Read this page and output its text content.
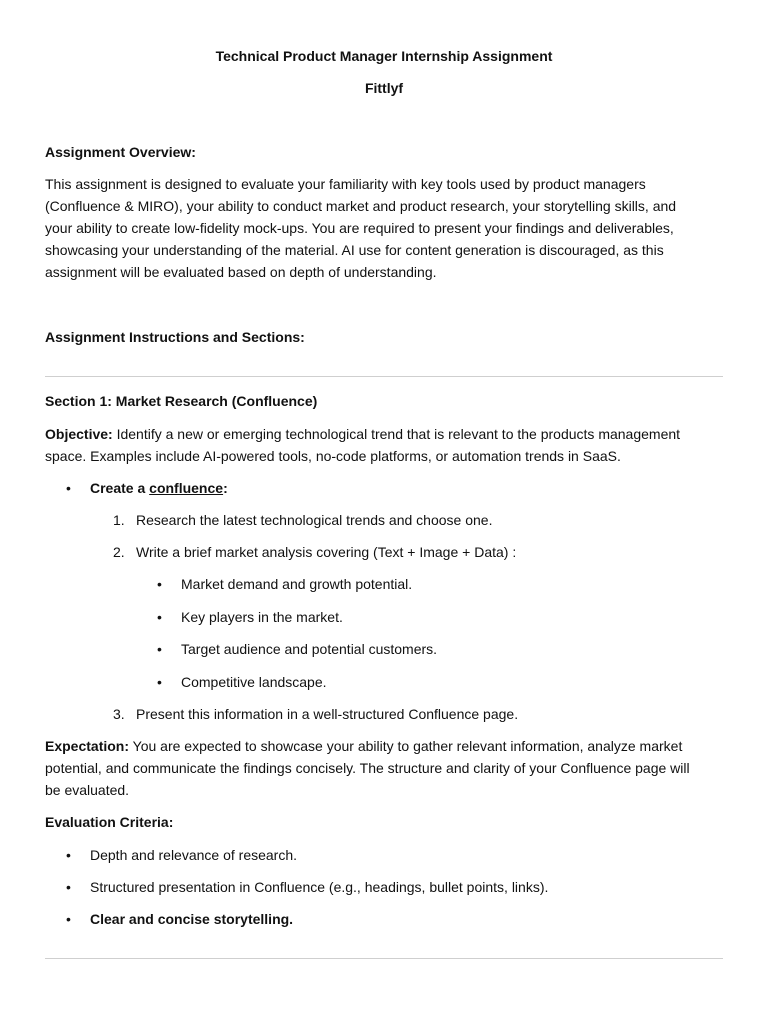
Technical Product Manager Internship Assignment

Fittlyf

Assignment Overview:

This assignment is designed to evaluate your familiarity with key tools used by product managers
(Confluence & MIRO), your ability to conduct market and product research, your storytelling skills, and
your ability to create low-fidelity mock-ups. You are required to present your findings and deliverables,
showcasing your understanding of the material. AI use for content generation is discouraged, as this
assignment will be evaluated based on depth of understanding.

Assignment Instructions and Sections:

Section 1: Market Research (Confluence)

Objective: Identify a new or emerging technological trend that is relevant to the products management
space. Examples include AI-powered tools, no-code platforms, or automation trends in SaaS.
• Create a confluence:

1. Research the latest technological trends and choose one.

2. Write a brief market analysis covering (Text + Image + Data) :

• Market demand and growth potential.

• Key players in the market.

• Target audience and potential customers.

• Competitive landscape.

3. Present this information in a well-structured Confluence page.

Expectation: You are expected to showcase your ability to gather relevant information, analyze market
potential, and communicate the findings concisely. The structure and clarity of your Confluence page will
be evaluated.

Evaluation Criteria:

• Depth and relevance of research.

• Structured presentation in Confluence (e.g., headings, bullet points, links).

• Clear and concise storytelling.
